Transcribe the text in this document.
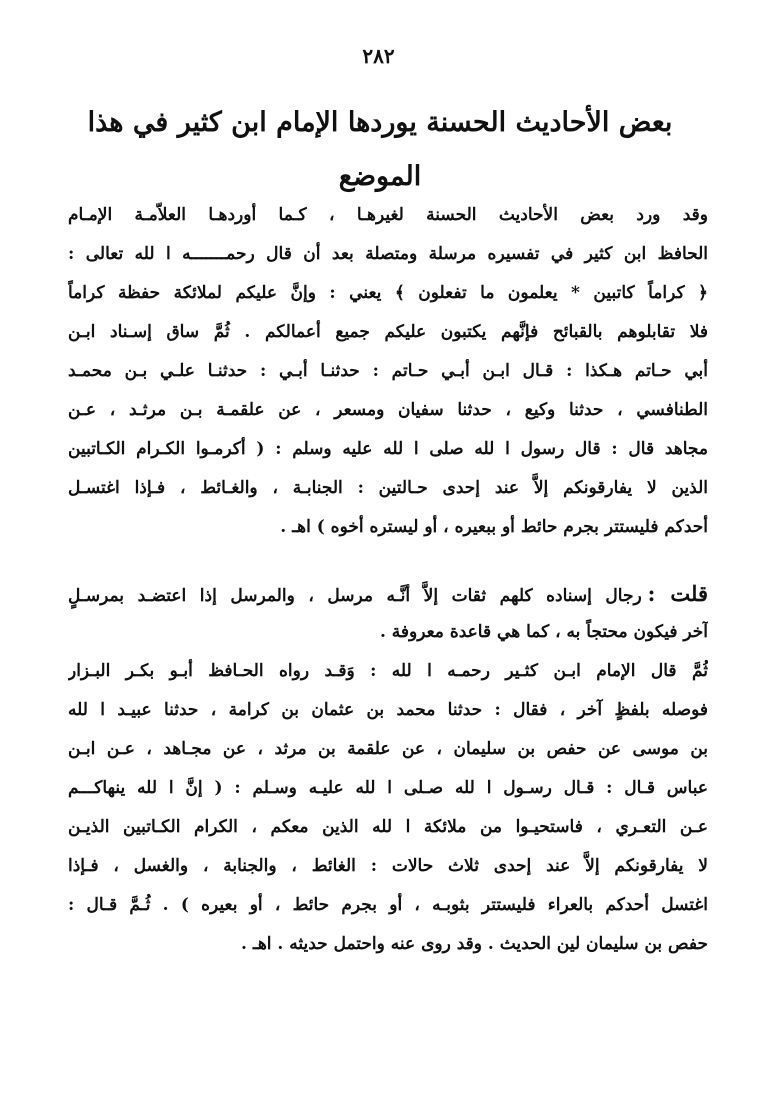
٢٨٢
بعض الأحاديث الحسنة يوردها الإمام ابن كثير في هذا
الموضع
وقد ورد بعض الأحاديث الحسنة لغيرهـا ، كـما أوردهـا العلاّمـة الإمـام
الحافظ ابن كثير في تفسيره مرسلة ومتصلة بعد أن قال رحمـــــــه ا لله تعالى :
﴿ كراماً كاتبين * يعلمون ما تفعلون ﴾ يعني : وإنَّ عليكم لملائكة حفظة كراماً
فلا تقابلوهم بالقبائح فإنَّهم يكتبون عليكم جميع أعمالكم . ثُمَّ ساق إسـناد ابـن
أبي حـاتم هـكذا : قـال ابـن أبـي حـاتم : حدثنـا أبـي : حدثنـا علـي بـن محمـد
الطنافسي ، حدثنا وكيع ، حدثنا سفيان ومسعر ، عن علقمـة بـن مرثـد ، عـن
مجاهد قال : قال رسول ا لله صلى ا لله عليه وسلم : ( أكرمـوا الكـرام الكـاتبين
الذين لا يفارقونكم إلاَّ عند إحدى حـالتين : الجنابـة ، والغـائط ، فـإذا اغتسـل
أحدكم فليستتر بجرم حائط أو ببعيره ، أو ليستره أخوه ) اهـ .
قلت :رجال إسناده كلهم ثقات إلاَّ أنَّـه مرسل ، والمرسل إذا اعتضـد بمرسـلٍ
آخر فيكون محتجاً به ، كما هي قاعدة معروفة .
ثُمَّ قال الإمام ابـن كثـير رحمـه ا لله : وَقـد رواه الحـافظ أبـو بكـر البـزار
فوصله بلفظٍ آخر ، فقال : حدثنا محمد بن عثمان بن كرامة ، حدثنا عبيـد ا لله
بن موسى عن حفص بن سليمان ، عن علقمة بن مرثد ، عن مجـاهد ، عـن ابـن
عباس قـال : قـال رسـول ا لله صـلى ا لله عليـه وسـلم : ( إنَّ ا لله ينهاكـــم
عـن التعـري ، فاستحيـوا من ملائكة ا لله الذين معكم ، الكرام الكـاتبين الذيـن
لا يفارقونكم إلاَّ عند إحدى ثلاث حالات : الغائط ، والجنابة ، والغسل ، فـإذا
اغتسل أحدكم بالعراء فليستتر بثوبـه ، أو بجرم حائط ، أو بعيره ) . ثُـمَّ قـال :
حفص بن سليمان لين الحديث . وقد روى عنه واحتمل حديثه . اهـ .
